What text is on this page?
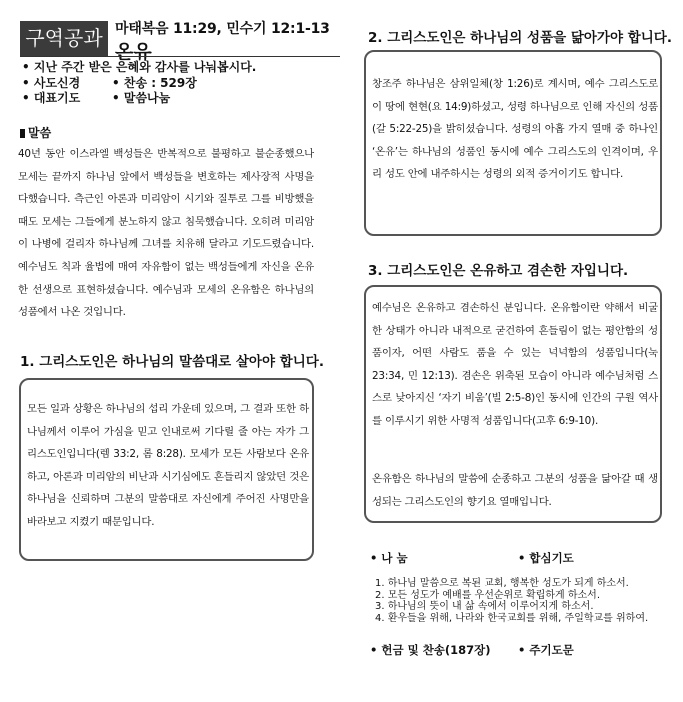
구역공과 마태복음 11:29, 민수기 12:1-13
온유
• 지난 주간 받은 은혜와 감사를 나눠봅시다.
• 사도신경	• 찬송 : 529장
• 대표기도	• 말씀나눔
말씀
40년 동안 이스라엘 백성들은 반복적으로 불평하고 불순종했으나 모세는 끝까지 하나님 앞에서 백성들을 변호하는 제사장적 사명을 다했습니다. 측근인 아론과 미리암이 시기와 질투로 그를 비방했을 때도 모세는 그들에게 분노하지 않고 침묵했습니다. 오히려 미리암이 나병에 걸리자 하나님께 그녀를 치유해 달라고 기도드렸습니다. 예수님도 칙과 율법에 매여 자유함이 없는 백성들에게 자신을 온유한 선생으로 표현하셨습니다. 예수님과 모세의 온유함은 하나님의 성품에서 나온 것입니다.
1. 그리스도인은 하나님의 말씀대로 살아야 합니다.
모든 일과 상황은 하나님의 섭리 가운데 있으며, 그 결과 또한 하나님께서 이루어 가심을 믿고 인내로써 기다릴 줄 아는 자가 그리스도인입니다(렘 33:2, 롬 8:28). 모세가 모든 사람보다 온유하고, 아론과 미리암의 비난과 시기심에도 흔들리지 않았던 것은 하나님을 신뢰하며 그분의 말씀대로 자신에게 주어진 사명만을 바라보고 지켰기 때문입니다.
2. 그리스도인은 하나님의 성품을 닮아가야 합니다.
창조주 하나님은 삼위일체(창 1:26)로 계시며, 예수 그리스도로 이 땅에 현현(요 14:9)하셨고, 성령 하나님으로 인해 자신의 성품(갈 5:22-25)을 밝히셨습니다. 성령의 아홉 가지 열매 중 하나인 ‘온유’는 하나님의 성품인 동시에 예수 그리스도의 인격이며, 우리 성도 안에 내주하시는 성령의 외적 증거이기도 합니다.
3. 그리스도인은 온유하고 겸손한 자입니다.
예수님은 온유하고 겸손하신 분입니다. 온유함이란 약해서 비굴한 상태가 아니라 내적으로 굳건하여 흔들림이 없는 평안함의 성품이자, 어떤 사람도 품을 수 있는 넉넉함의 성품입니다(눅 23:34, 민 12:13). 겸손은 위축된 모습이 아니라 예수님처럼 스스로 낮아지신 ‘자기 비움’(빌 2:5-8)인 동시에 인간의 구원 역사를 이루시기 위한 사명적 성품입니다(고후 6:9-10).
온유함은 하나님의 말씀에 순종하고 그분의 성품을 닮아갈 때 생성되는 그리스도인의 향기요 열매입니다.
• 나 눔	• 합심기도
1. 하나님 말씀으로 복된 교회, 행복한 성도가 되게 하소서.
2. 모든 성도가 예배를 우선순위로 확립하게 하소서.
3. 하나님의 뜻이 내 삶 속에서 이루어지게 하소서.
4. 환우들을 위해, 나라와 한국교회를 위해, 주일학교를 위하여.
• 헌금 및 찬송(187장) • 주기도문
